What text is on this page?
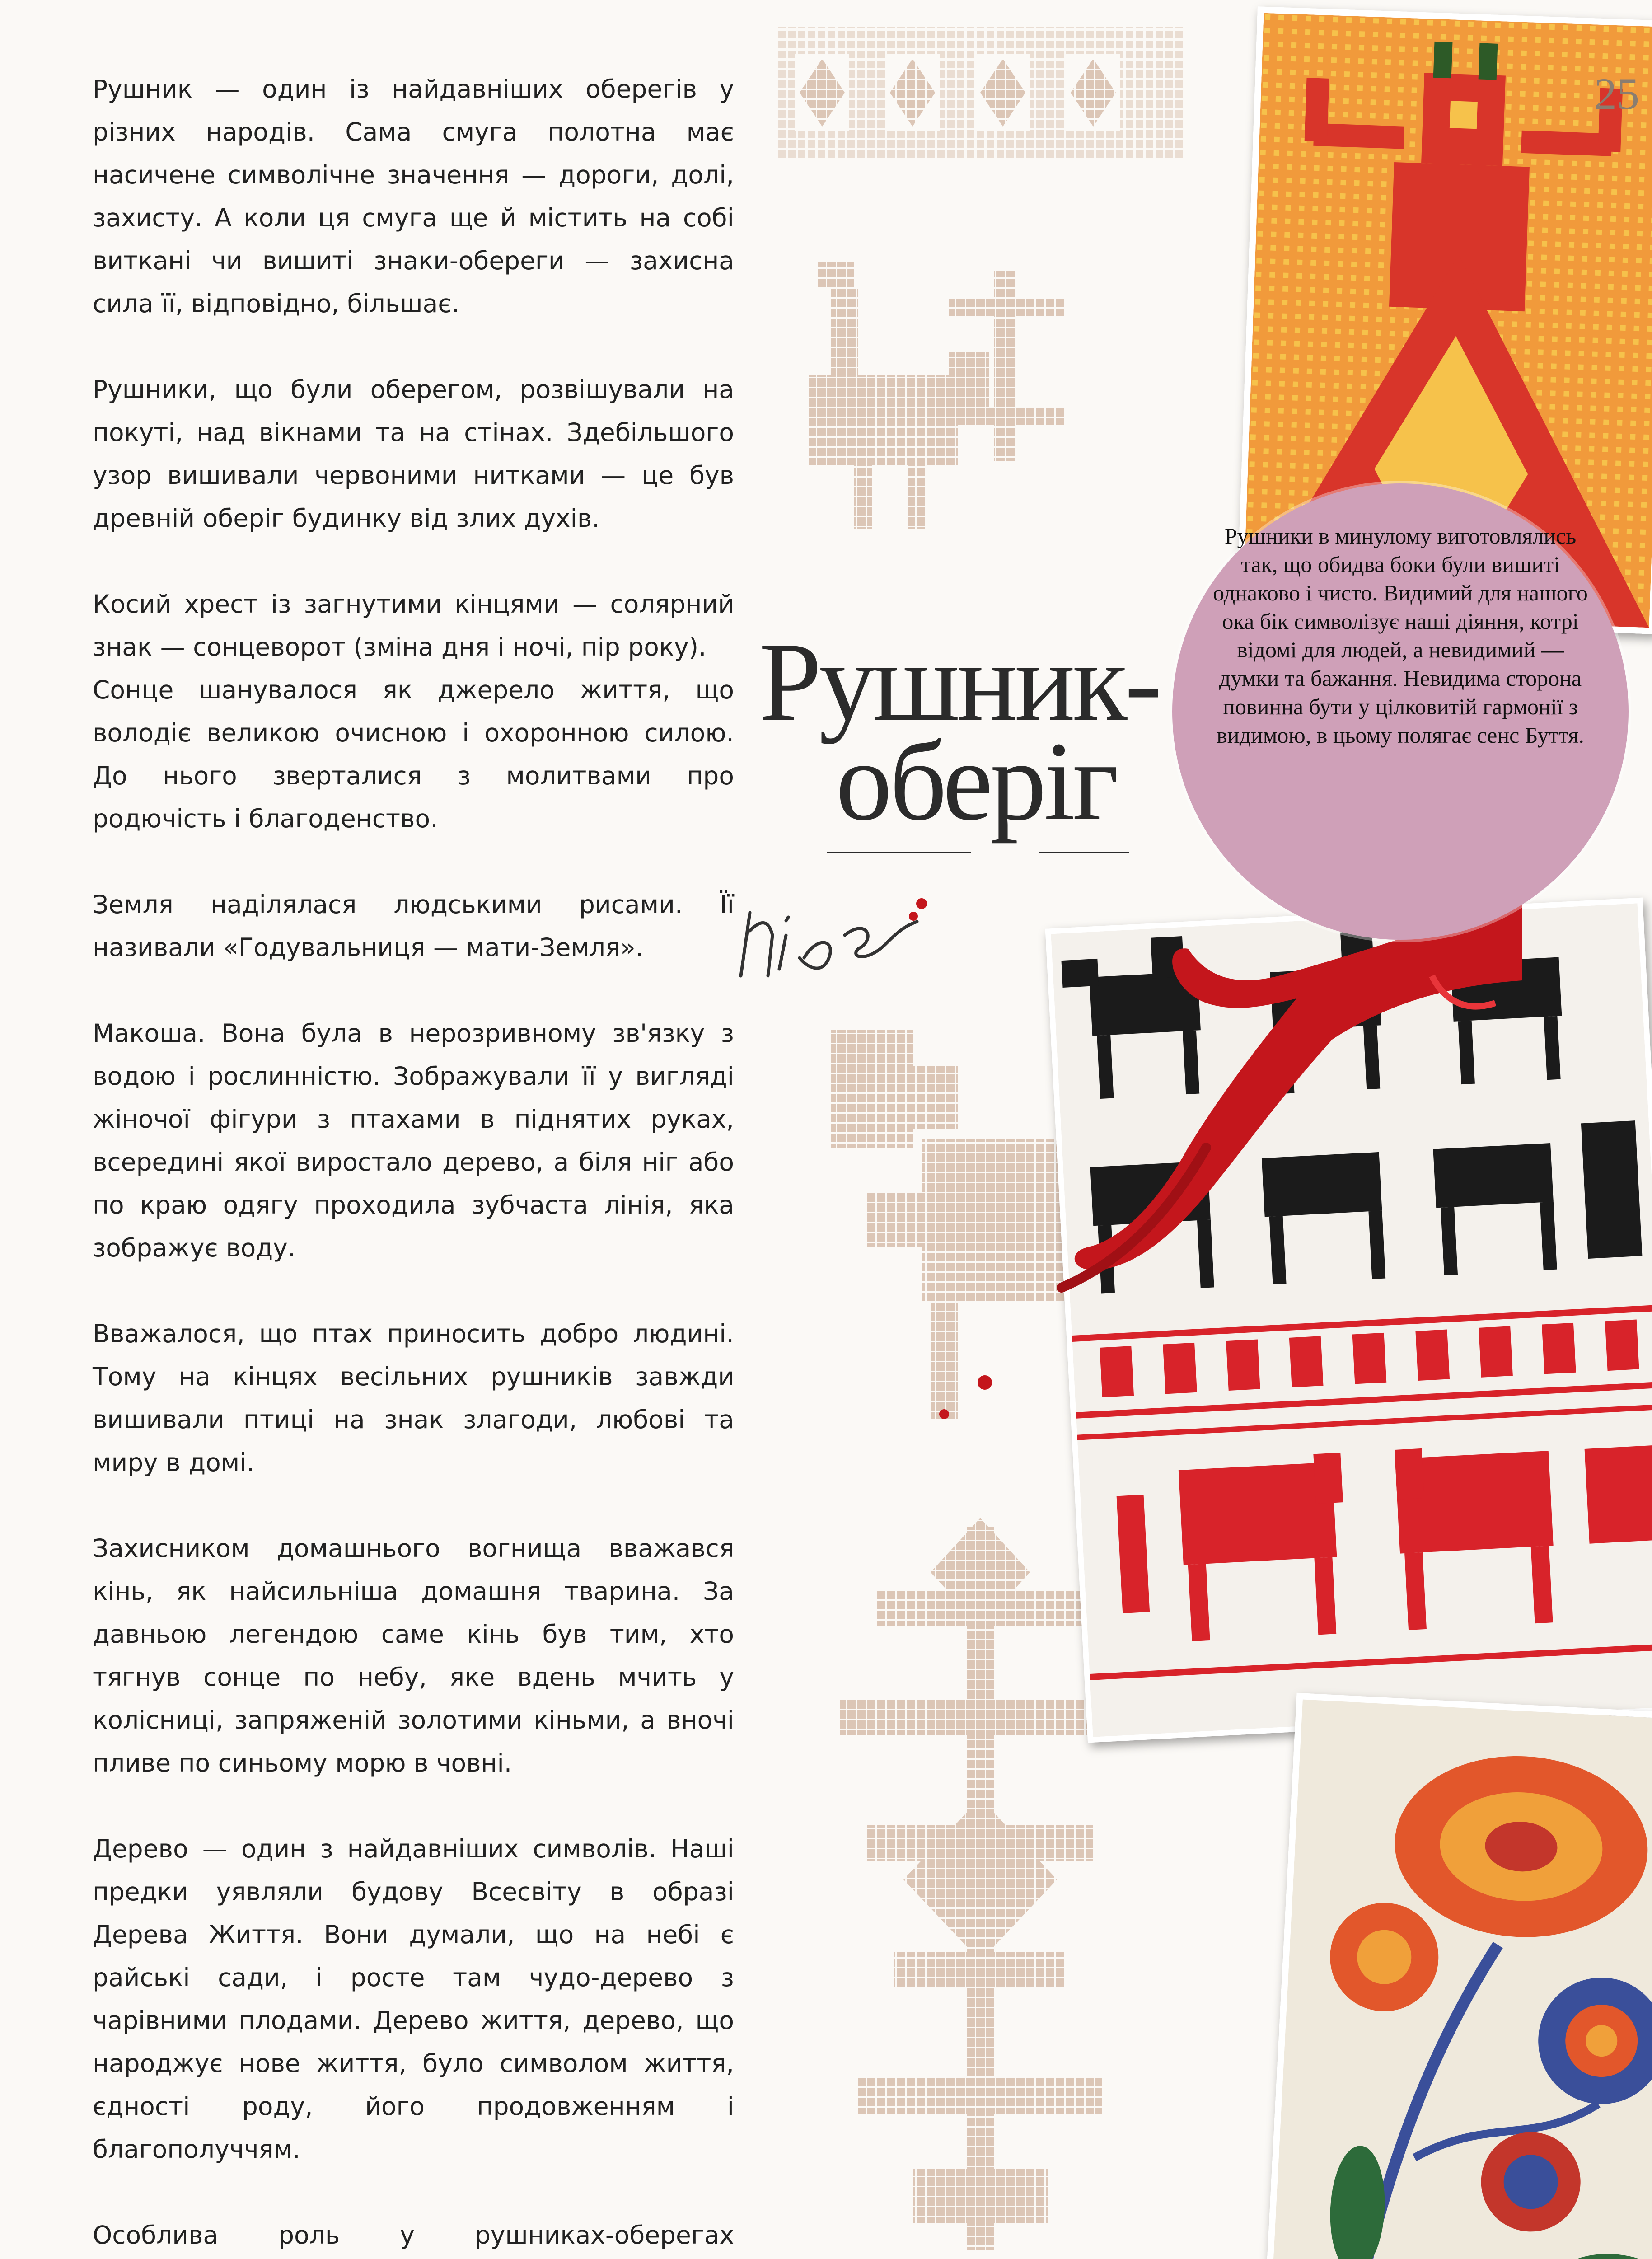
Рушник — один із найдавніших оберегів у різних народів. Сама смуга полотна має насичене символічне значення — дороги, долі, захисту. А коли ця смуга ще й містить на собі виткані чи вишиті знаки-обереги — захисна сила її, відповідно, більшає.

Рушники, що були оберегом, розвішували на покуті, над вікнами та на стінах. Здебільшого узор вишивали червоними нитками — це був древній оберіг будинку від злих духів.

Косий хрест із загнутими кінцями — солярний знак — сонцеворот (зміна дня і ночі, пір року).
Сонце шанувалося як джерело життя, що володіє великою очисною і охоронною силою. До нього зверталися з молитвами про родючість і благоденство.

Земля наділялася людськими рисами. Її називали «Годувальниця — мати-Земля».

Макоша. Вона була в нерозривному зв'язку з водою і рослинністю. Зображували її у вигляді жіночої фігури з птахами в піднятих руках, всередині якої виростало дерево, а біля ніг або по краю одягу проходила зубчаста лінія, яка зображує воду.

Вважалося, що птах приносить добро людині. Тому на кінцях весільних рушників завжди вишивали птиці на знак злагоди, любові та миру в домі.

Захисником домашнього вогнища вважався кінь, як найсильніша домашня тварина. За давньою легендою саме кінь був тим, хто тягнув сонце по небу, яке вдень мчить у колісниці, запряженій золотими кіньми, а вночі пливе по синьому морю в човні.

Дерево — один з найдавніших символів. Наші предки уявляли будову Всесвіту в образі Дерева Життя. Вони думали, що на небі є райські сади, і росте там чудо-дерево з чарівними плодами. Дерево життя, дерево, що народжує нове життя, було символом життя, єдності роду, його продовженням і благополуччям.

Особлива роль у рушниках-оберегах

Рушник-
оберіг
Рушники в минулому виготовлялись так, що обидва боки були вишиті однаково і чисто. Видимий для нашого ока бік символізує наші діяння, котрі відомі для людей, а невидимий — думки та бажання. Невидима сторона повинна бути у цілковитій гармонії з видимою, в цьому полягає сенс Буття.
25
